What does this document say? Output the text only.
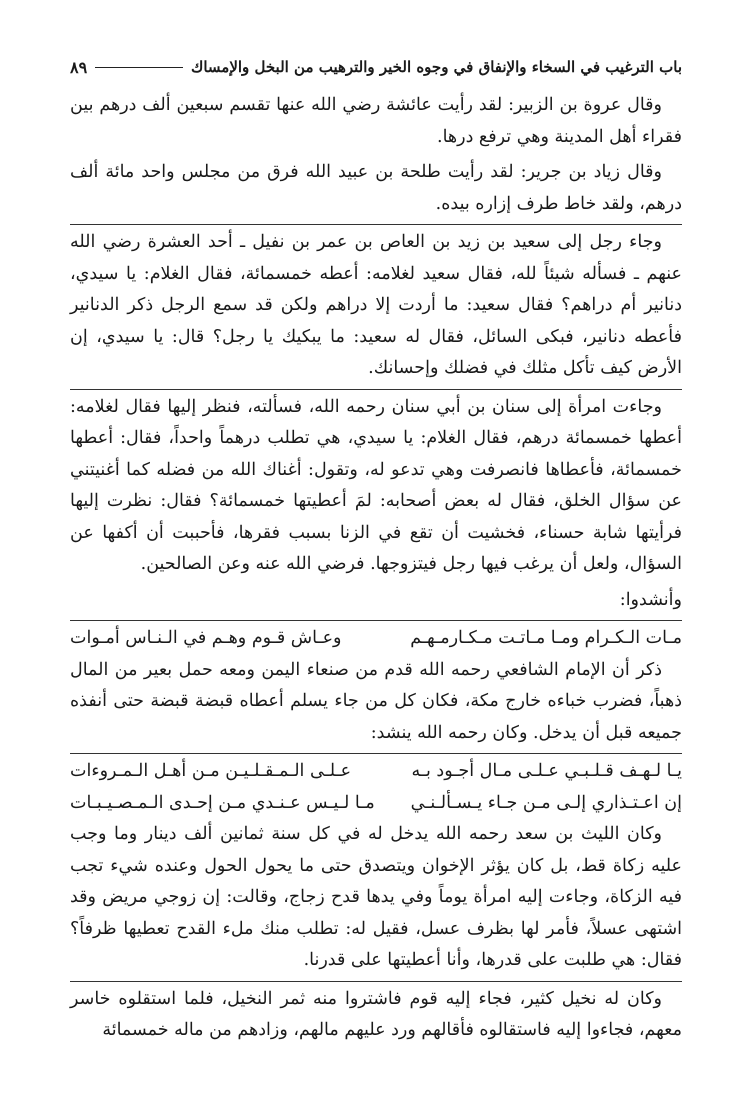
باب الترغيب في السخاء والإنفاق في وجوه الخير والترهيب من البخل والإمساك
٨٩

وقال عروة بن الزبير: لقد رأيت عائشة رضي الله عنها تقسم سبعين ألف درهم بين فقراء أهل المدينة وهي ترفع درها.

وقال زياد بن جرير: لقد رأيت طلحة بن عبيد الله فرق من مجلس واحد مائة ألف درهم، ولقد خاط طرف إزاره بيده.

وجاء رجل إلى سعيد بن زيد بن العاص بن عمر بن نفيل ـ أحد العشرة رضي الله عنهم ـ فسأله شيئاً لله، فقال سعيد لغلامه: أعطه خمسمائة، فقال الغلام: يا سيدي، دنانير أم دراهم؟ فقال سعيد: ما أردت إلا دراهم ولكن قد سمع الرجل ذكر الدنانير فأعطه دنانير، فبكى السائل، فقال له سعيد: ما يبكيك يا رجل؟ قال: يا سيدي، إن الأرض كيف تأكل مثلك في فضلك وإحسانك.

وجاءت امرأة إلى سنان بن أبي سنان رحمه الله، فسألته، فنظر إليها فقال لغلامه: أعطها خمسمائة درهم، فقال الغلام: يا سيدي، هي تطلب درهماً واحداً، فقال: أعطها خمسمائة، فأعطاها فانصرفت وهي تدعو له، وتقول: أغناك الله من فضله كما أغنيتني عن سؤال الخلق، فقال له بعض أصحابه: لمَ أعطيتها خمسمائة؟ فقال: نظرت إليها فرأيتها شابة حسناء، فخشيت أن تقع في الزنا بسبب فقرها، فأحببت أن أكفها عن السؤال، ولعل أن يرغب فيها رجل فيتزوجها. فرضي الله عنه وعن الصالحين.

وأنشدوا:

مـات الـكـرام ومـا مـاتـت مـكـارمـهـم
وعـاش قـوم وهـم في الـنـاس أمـوات

ذكر أن الإمام الشافعي رحمه الله قدم من صنعاء اليمن ومعه حمل بعير من المال ذهباً، فضرب خباءه خارج مكة، فكان كل من جاء يسلم أعطاه قبضة قبضة حتى أنفذه جميعه قبل أن يدخل. وكان رحمه الله ينشد:

يـا لـهـف قـلـبـي عـلـى مـال أجـود بـه
عـلـى الـمـقـلـيـن مـن أهـل الـمـروءات
إن اعـتـذاري إلـى مـن جـاء يـسـألـنـي
مـا لـيـس عـنـدي مـن إحـدى الـمـصـيـبـات

وكان الليث بن سعد رحمه الله يدخل له في كل سنة ثمانين ألف دينار وما وجب عليه زكاة قط، بل كان يؤثر الإخوان ويتصدق حتى ما يحول الحول وعنده شيء تجب فيه الزكاة، وجاءت إليه امرأة يوماً وفي يدها قدح زجاج، وقالت: إن زوجي مريض وقد اشتهى عسلاً، فأمر لها بظرف عسل، فقيل له: تطلب منك ملء القدح تعطيها ظرفاً؟ فقال: هي طلبت على قدرها، وأنا أعطيتها على قدرنا.

وكان له نخيل كثير، فجاء إليه قوم فاشتروا منه ثمر النخيل، فلما استقلوه خاسر معهم، فجاءوا إليه فاستقالوه فأقالهم ورد عليهم مالهم، وزادهم من ماله خمسمائة
